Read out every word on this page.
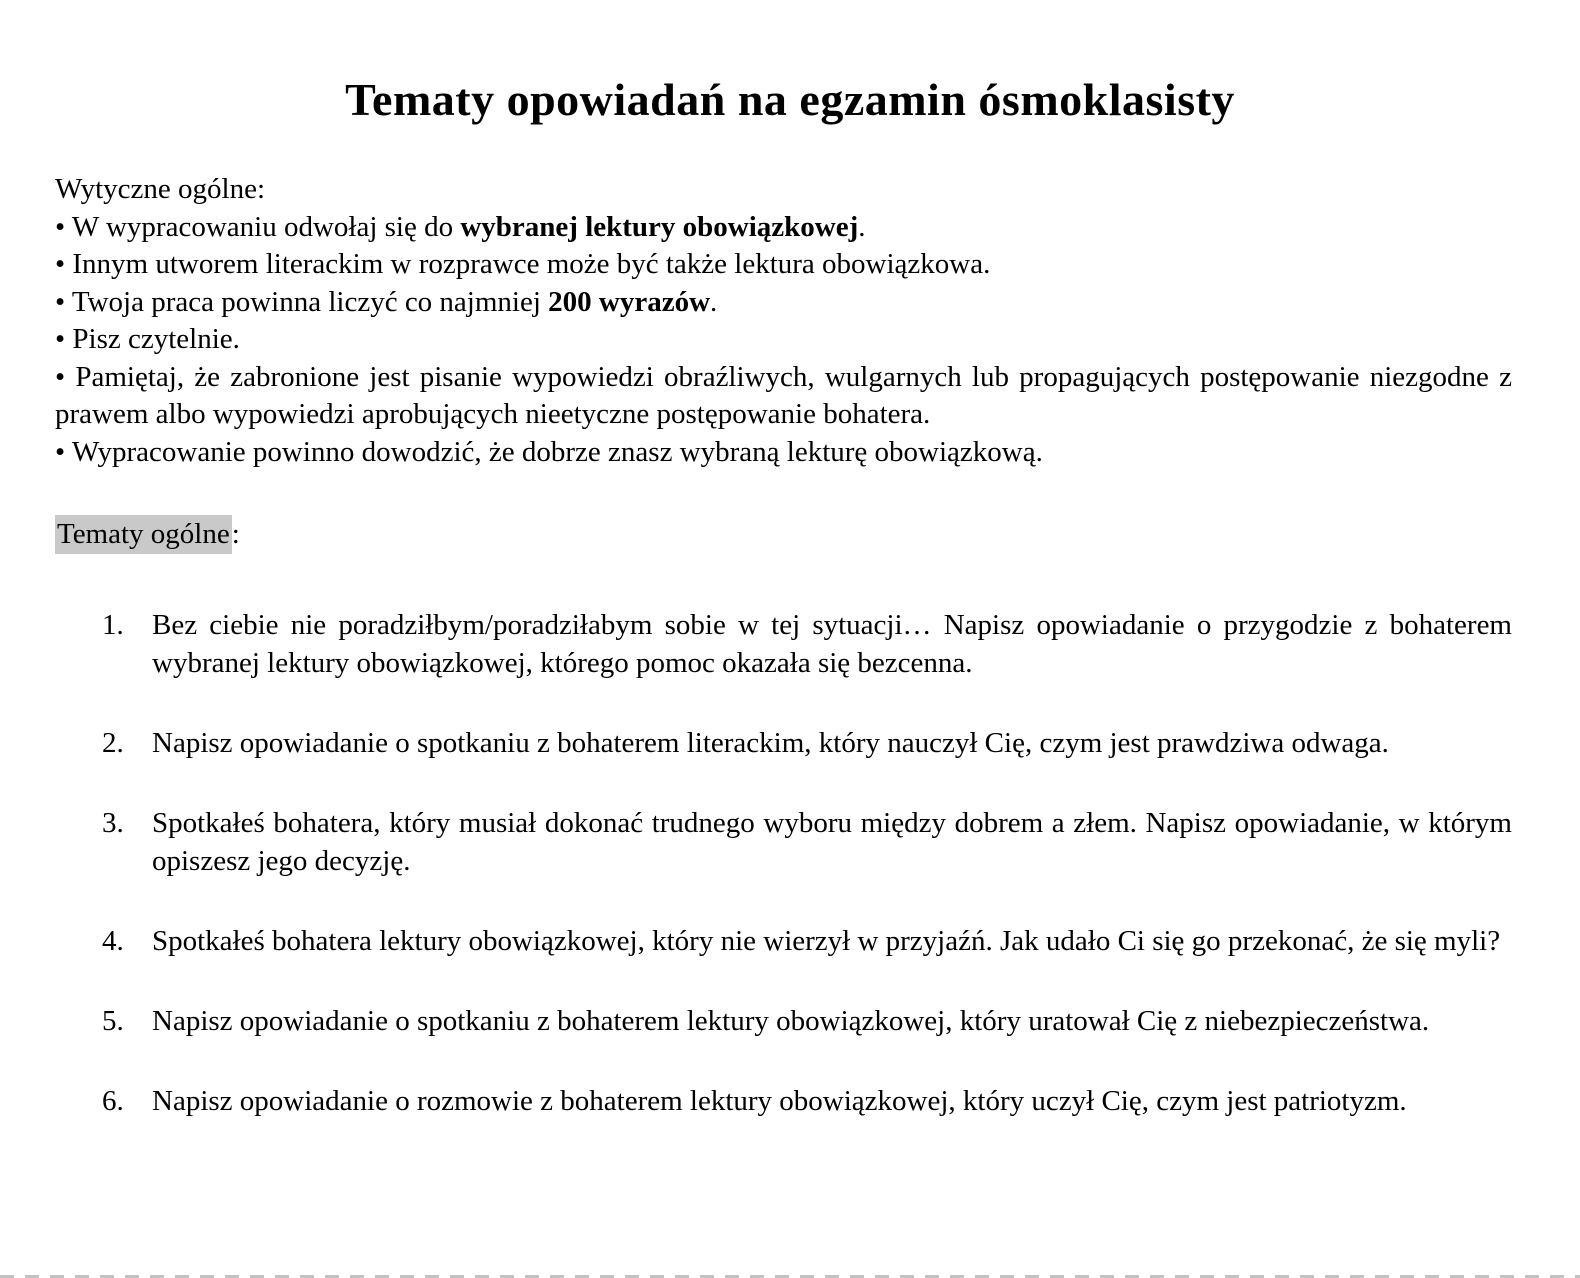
Tematy opowiadań na egzamin ósmoklasisty

Wytyczne ogólne:

• W wypracowaniu odwołaj się do wybranej lektury obowiązkowej.

• Innym utworem literackim w rozprawce może być także lektura obowiązkowa.

• Twoja praca powinna liczyć co najmniej 200 wyrazów.

• Pisz czytelnie.

• Pamiętaj, że zabronione jest pisanie wypowiedzi obraźliwych, wulgarnych lub propagujących postępowanie niezgodne z prawem albo wypowiedzi aprobujących nieetyczne postępowanie bohatera.

• Wypracowanie powinno dowodzić, że dobrze znasz wybraną lekturę obowiązkową.

Tematy ogólne:

1. Bez ciebie nie poradziłbym/poradziłabym sobie w tej sytuacji… Napisz opowiadanie o przygodzie z bohaterem wybranej lektury obowiązkowej, którego pomoc okazała się bezcenna.
2. Napisz opowiadanie o spotkaniu z bohaterem literackim, który nauczył Cię, czym jest prawdziwa odwaga.
3. Spotkałeś bohatera, który musiał dokonać trudnego wyboru między dobrem a złem. Napisz opowiadanie, w którym opiszesz jego decyzję.
4. Spotkałeś bohatera lektury obowiązkowej, który nie wierzył w przyjaźń. Jak udało Ci się go przekonać, że się myli?
5. Napisz opowiadanie o spotkaniu z bohaterem lektury obowiązkowej, który uratował Cię z niebezpieczeństwa.
6. Napisz opowiadanie o rozmowie z bohaterem lektury obowiązkowej, który uczył Cię, czym jest patriotyzm.
